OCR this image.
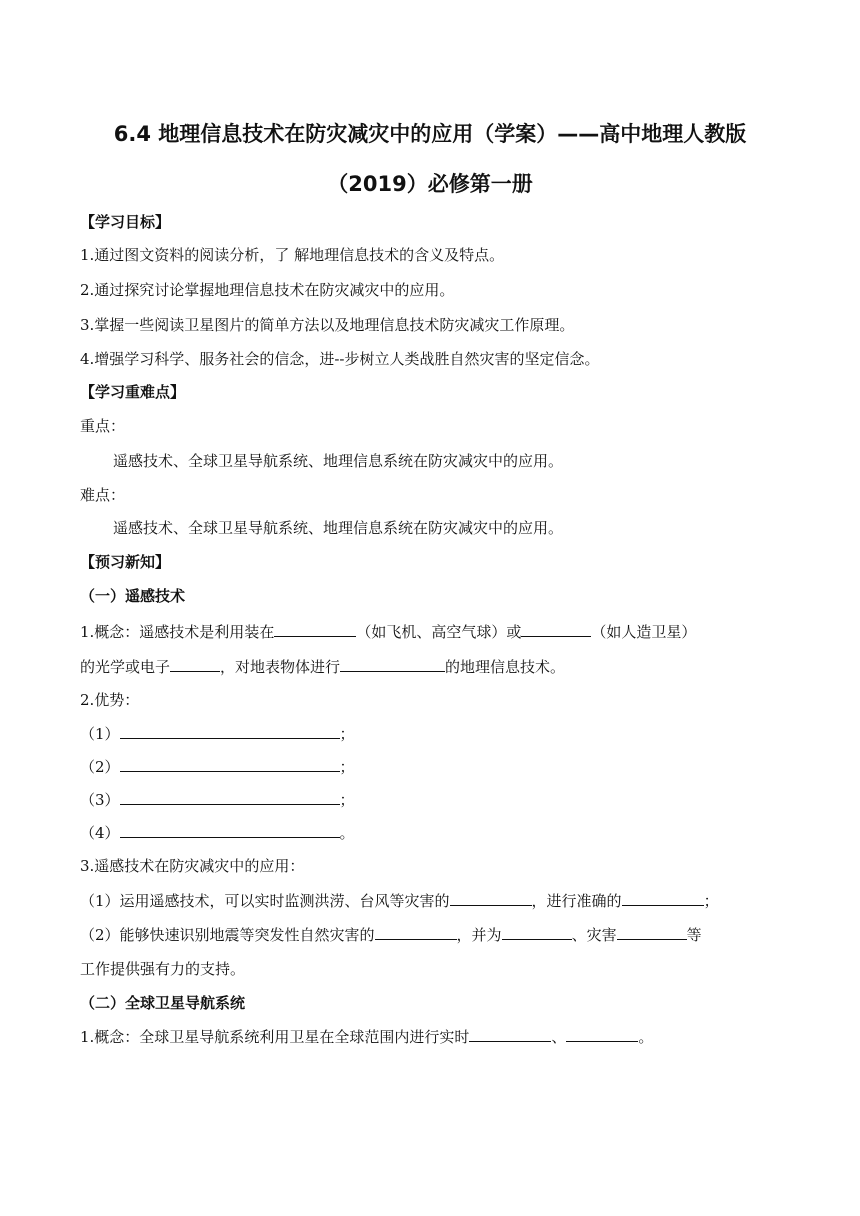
6.4 地理信息技术在防灾减灾中的应用（学案）——高中地理人教版
（2019）必修第一册
【学习目标】
1.通过图文资料的阅读分析，了 解地理信息技术的含义及特点。
2.通过探究讨论掌握地理信息技术在防灾减灾中的应用。
3.掌握一些阅读卫星图片的简单方法以及地理信息技术防灾减灾工作原理。
4.增强学习科学、服务社会的信念，进--步树立人类战胜自然灾害的坚定信念。
【学习重难点】
重点：
遥感技术、全球卫星导航系统、地理信息系统在防灾减灾中的应用。
难点：
遥感技术、全球卫星导航系统、地理信息系统在防灾减灾中的应用。
【预习新知】
（一）遥感技术
1.概念：遥感技术是利用装在	（如飞机、高空气球）或	（如人造卫星）
的光学或电子	，对地表物体进行	的地理信息技术。
2.优势：
（1）	；
（2）	；
（3）	；
（4）	。
3.遥感技术在防灾减灾中的应用：
（1）运用遥感技术，可以实时监测洪涝、台风等灾害的	，进行准确的	；
（2）能够快速识别地震等突发性自然灾害的	，并为	、灾害	等
工作提供强有力的支持。
（二）全球卫星导航系统
1.概念：全球卫星导航系统利用卫星在全球范围内进行实时	、	。
